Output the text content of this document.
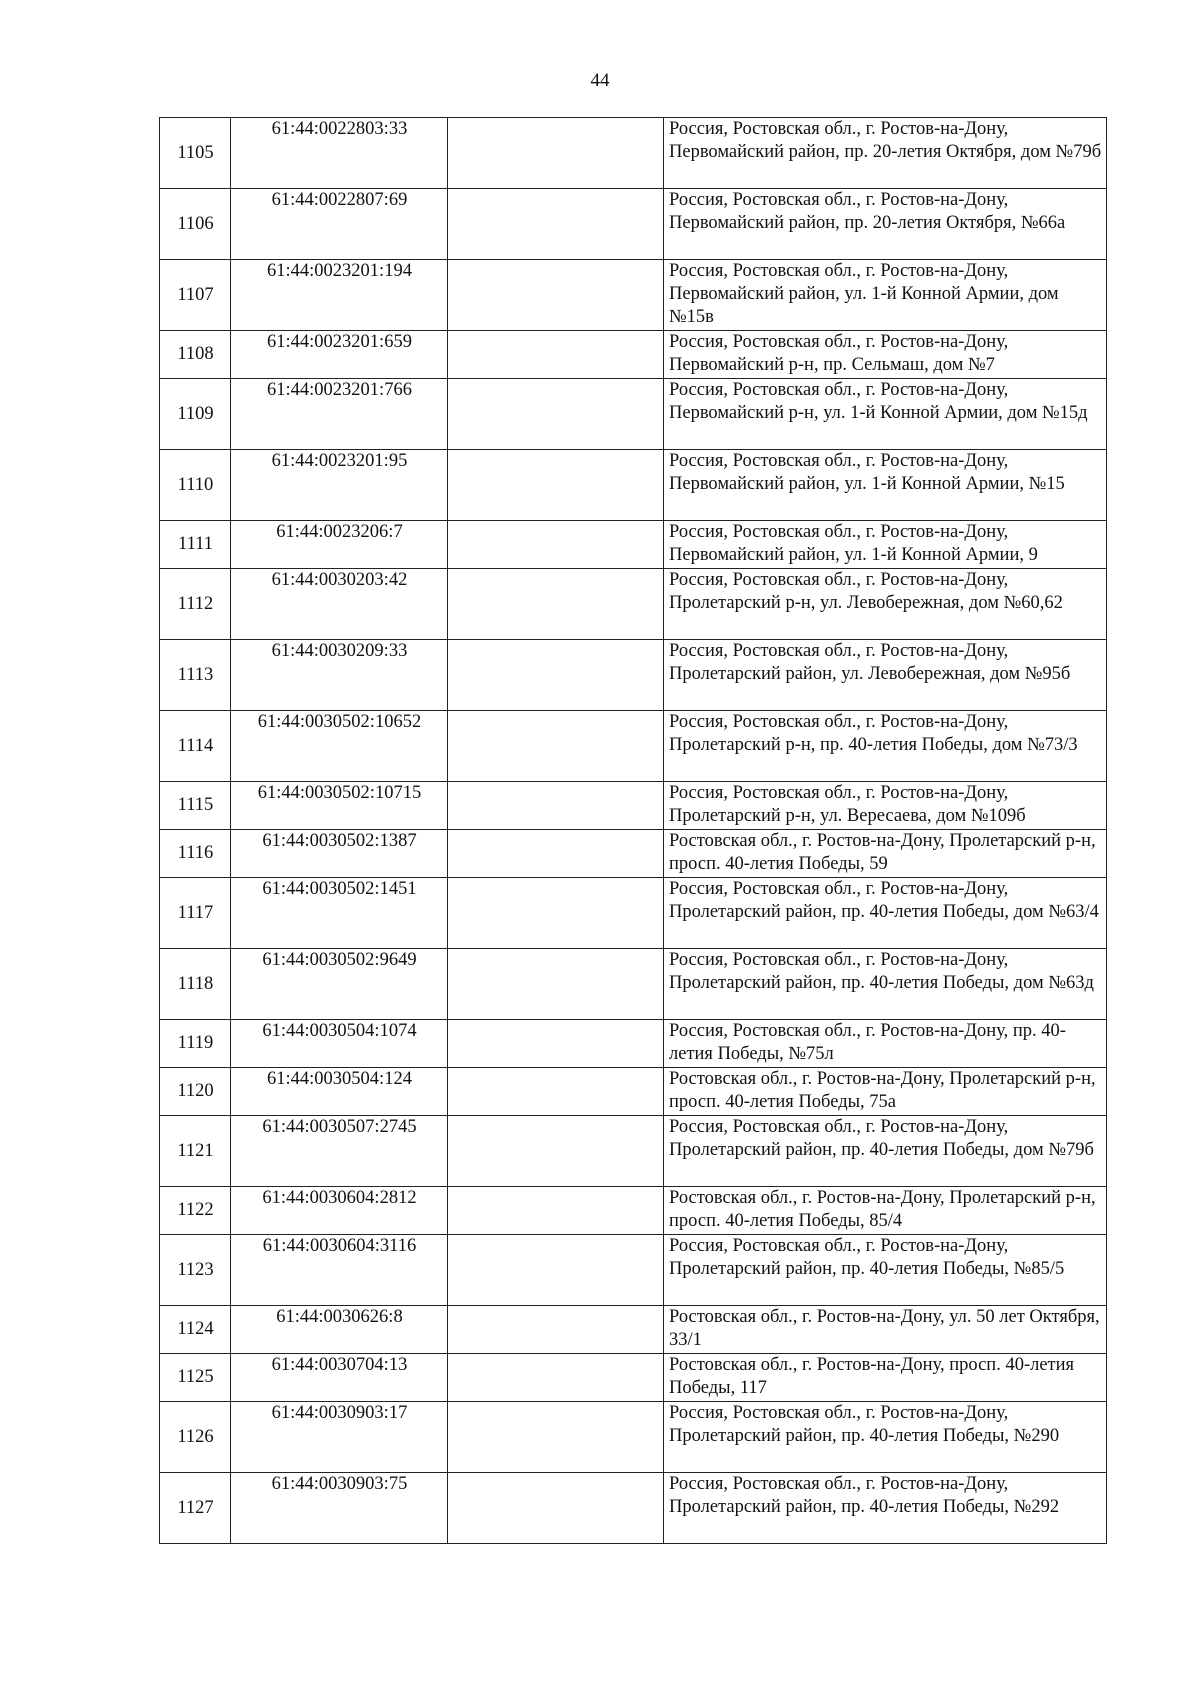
44
1105	61:44:0022803:33		Россия, Ростовская обл., г. Ростов-на-Дону, Первомайский район, пр. 20-летия Октября, дом №79б
1106	61:44:0022807:69		Россия, Ростовская обл., г. Ростов-на-Дону, Первомайский район, пр. 20-летия Октября, №66а
1107	61:44:0023201:194		Россия, Ростовская обл., г. Ростов-на-Дону, Первомайский район, ул. 1-й Конной Армии, дом №15в
1108	61:44:0023201:659		Россия, Ростовская обл., г. Ростов-на-Дону, Первомайский р-н, пр. Сельмаш, дом №7
1109	61:44:0023201:766		Россия, Ростовская обл., г. Ростов-на-Дону, Первомайский р-н, ул. 1-й Конной Армии, дом №15д
1110	61:44:0023201:95		Россия, Ростовская обл., г. Ростов-на-Дону, Первомайский район, ул. 1-й Конной Армии, №15
1111	61:44:0023206:7		Россия, Ростовская обл., г. Ростов-на-Дону, Первомайский район, ул. 1-й Конной Армии, 9
1112	61:44:0030203:42		Россия, Ростовская обл., г. Ростов-на-Дону, Пролетарский р-н, ул. Левобережная, дом №60,62
1113	61:44:0030209:33		Россия, Ростовская обл., г. Ростов-на-Дону, Пролетарский район, ул. Левобережная, дом №95б
1114	61:44:0030502:10652		Россия, Ростовская обл., г. Ростов-на-Дону, Пролетарский р-н, пр. 40-летия Победы, дом №73/3
1115	61:44:0030502:10715		Россия, Ростовская обл., г. Ростов-на-Дону, Пролетарский р-н, ул. Вересаева, дом №109б
1116	61:44:0030502:1387		Ростовская обл., г. Ростов-на-Дону, Пролетарский р-н, просп. 40-летия Победы, 59
1117	61:44:0030502:1451		Россия, Ростовская обл., г. Ростов-на-Дону, Пролетарский район, пр. 40-летия Победы, дом №63/4
1118	61:44:0030502:9649		Россия, Ростовская обл., г. Ростов-на-Дону, Пролетарский район, пр. 40-летия Победы, дом №63д
1119	61:44:0030504:1074		Россия, Ростовская обл., г. Ростов-на-Дону, пр. 40-летия Победы, №75л
1120	61:44:0030504:124		Ростовская обл., г. Ростов-на-Дону, Пролетарский р-н, просп. 40-летия Победы, 75а
1121	61:44:0030507:2745		Россия, Ростовская обл., г. Ростов-на-Дону, Пролетарский район, пр. 40-летия Победы, дом №79б
1122	61:44:0030604:2812		Ростовская обл., г. Ростов-на-Дону, Пролетарский р-н, просп. 40-летия Победы, 85/4
1123	61:44:0030604:3116		Россия, Ростовская обл., г. Ростов-на-Дону, Пролетарский район, пр. 40-летия Победы, №85/5
1124	61:44:0030626:8		Ростовская обл., г. Ростов-на-Дону, ул. 50 лет Октября, 33/1
1125	61:44:0030704:13		Ростовская обл., г. Ростов-на-Дону, просп. 40-летия Победы, 117
1126	61:44:0030903:17		Россия, Ростовская обл., г. Ростов-на-Дону, Пролетарский район, пр. 40-летия Победы, №290
1127	61:44:0030903:75		Россия, Ростовская обл., г. Ростов-на-Дону, Пролетарский район, пр. 40-летия Победы, №292
